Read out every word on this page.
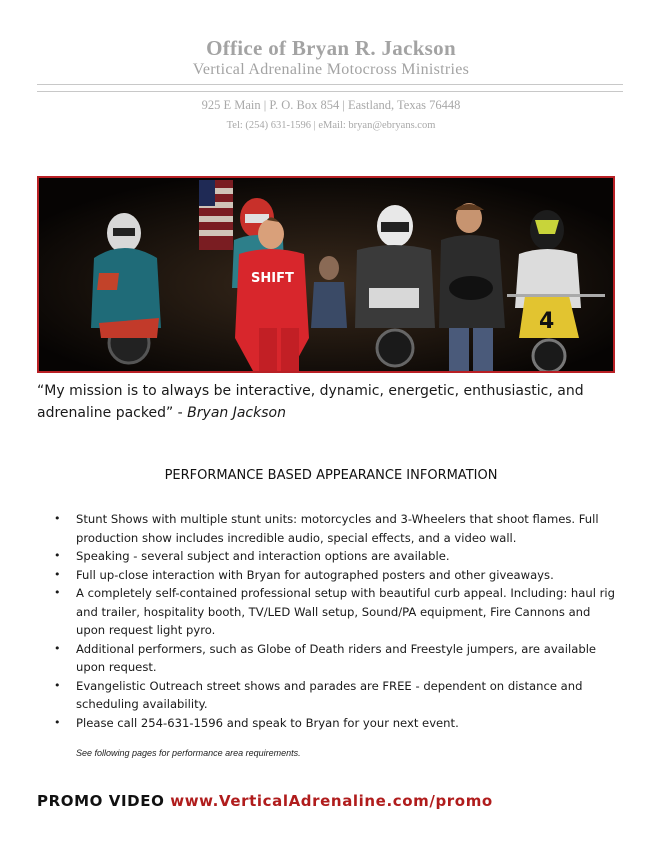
Office of Bryan R. Jackson
Vertical Adrenaline Motocross Ministries
925 E Main | P. O. Box 854 | Eastland, Texas 76448
Tel: (254) 631-1596 | eMail: bryan@ebryans.com
SHIFT
4
“My mission is to always be interactive, dynamic, energetic, enthusiastic, and adrenaline packed” - Bryan Jackson
PERFORMANCE BASED APPEARANCE INFORMATION
• Stunt Shows with multiple stunt units: motorcycles and 3-Wheelers that shoot flames. Full production show includes incredible audio, special effects, and a video wall.
• Speaking - several subject and interaction options are available.
• Full up-close interaction with Bryan for autographed posters and other giveaways.
• A completely self-contained professional setup with beautiful curb appeal. Including: haul rig and trailer, hospitality booth, TV/LED Wall setup, Sound/PA equipment, Fire Cannons and upon request light pyro.
• Additional performers, such as Globe of Death riders and Freestyle jumpers, are available upon request.
• Evangelistic Outreach street shows and parades are FREE - dependent on distance and scheduling availability.
• Please call 254-631-1596 and speak to Bryan for your next event.
See following pages for performance area requirements.
PROMO VIDEO www.VerticalAdrenaline.com/promo
